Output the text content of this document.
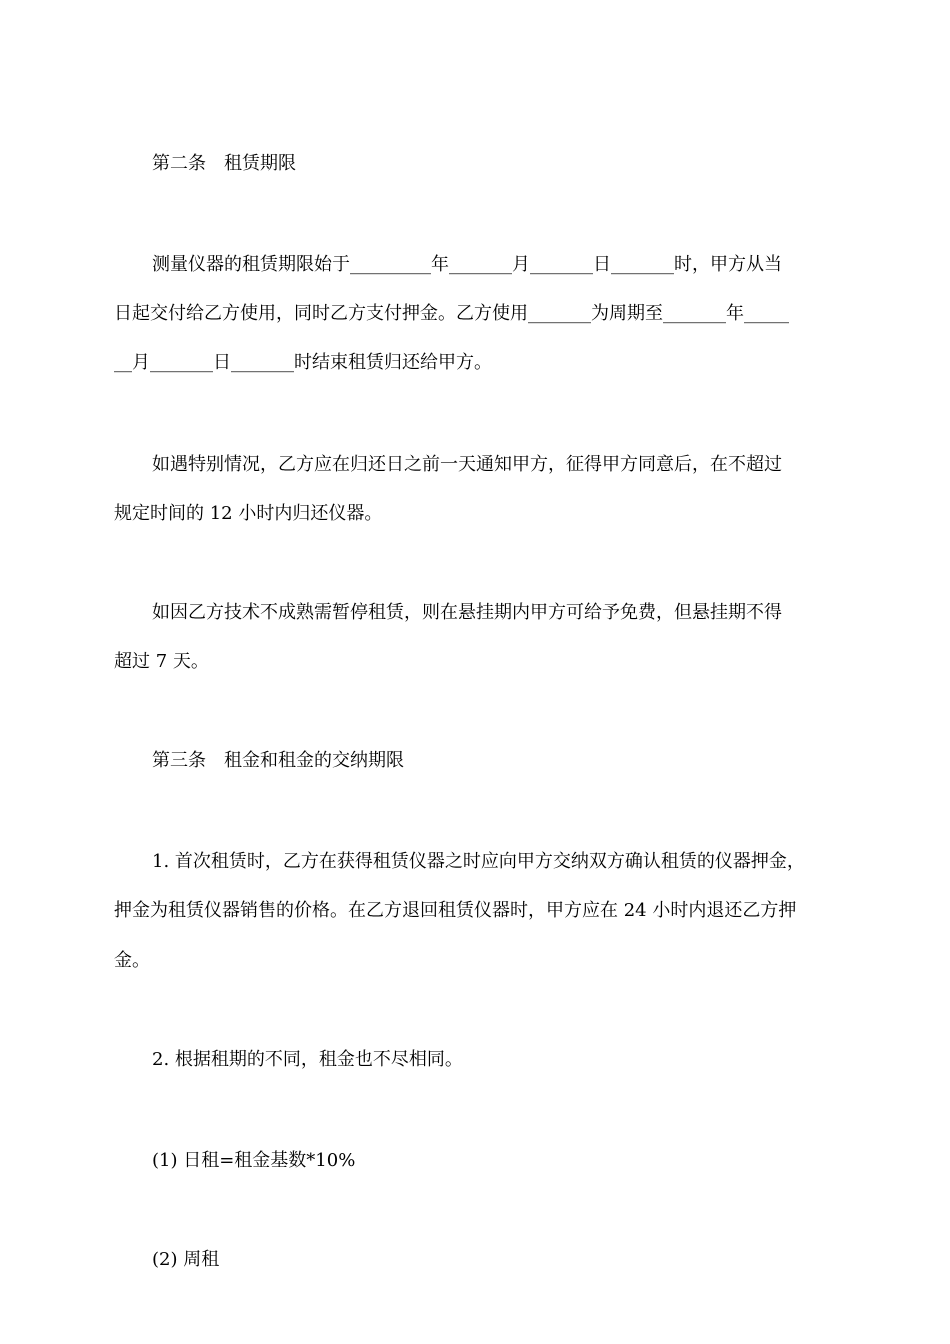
第二条　租赁期限

测量仪器的租赁期限始于_________年_______月_______日_______时，甲方从当

日起交付给乙方使用，同时乙方支付押金。乙方使用_______为周期至_______年_____

__月_______日_______时结束租赁归还给甲方。

如遇特别情况，乙方应在归还日之前一天通知甲方，征得甲方同意后，在不超过

规定时间的 12 小时内归还仪器。

如因乙方技术不成熟需暂停租赁，则在悬挂期内甲方可给予免费，但悬挂期不得

超过 7 天。

第三条　租金和租金的交纳期限

1. 首次租赁时，乙方在获得租赁仪器之时应向甲方交纳双方确认租赁的仪器押金，

押金为租赁仪器销售的价格。在乙方退回租赁仪器时，甲方应在 24 小时内退还乙方押

金。

2. 根据租期的不同，租金也不尽相同。

(1) 日租=租金基数*10%

(2) 周租
